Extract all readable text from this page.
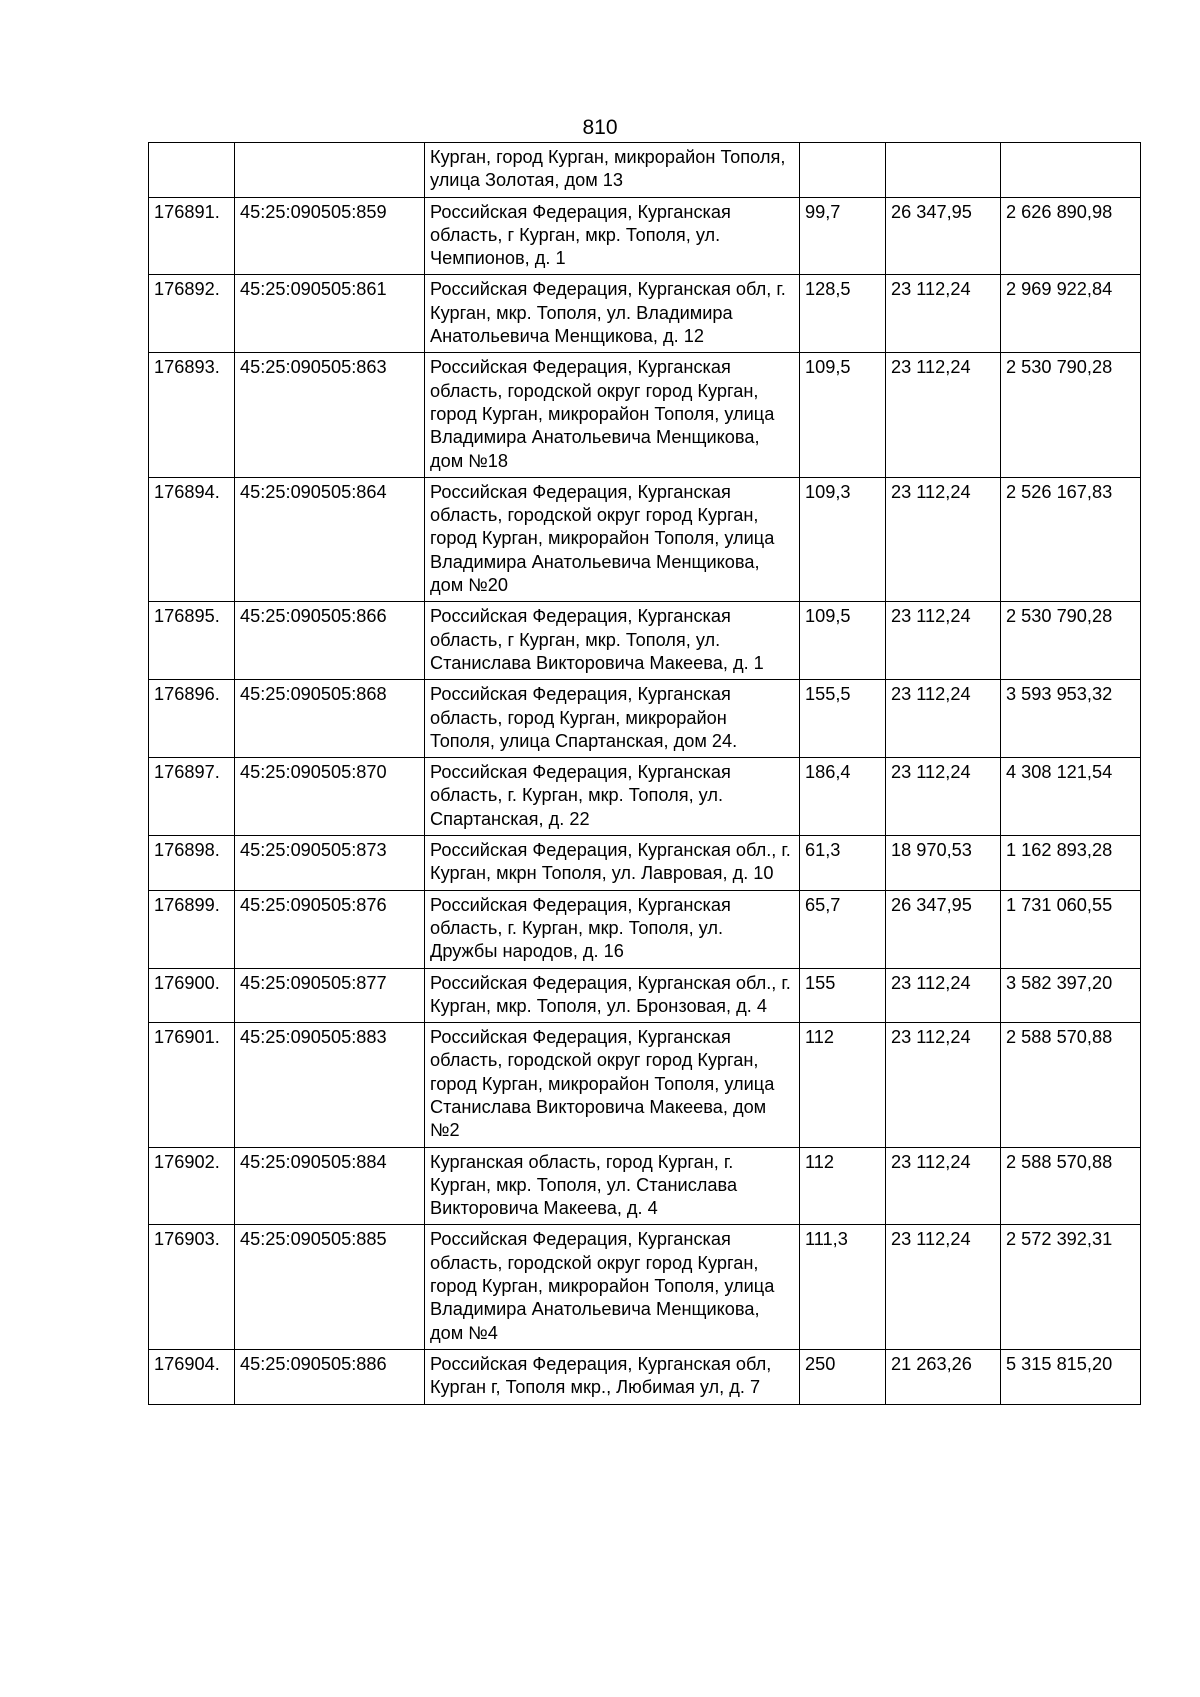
810
		Курган, город Курган, микрорайон Тополя, улица Золотая, дом 13			
176891.	45:25:090505:859	Российская Федерация, Курганская область, г Курган, мкр. Тополя, ул. Чемпионов, д. 1	99,7	26 347,95	2 626 890,98
176892.	45:25:090505:861	Российская Федерация, Курганская обл, г. Курган, мкр. Тополя, ул. Владимира Анатольевича Менщикова, д. 12	128,5	23 112,24	2 969 922,84
176893.	45:25:090505:863	Российская Федерация, Курганская область, городской округ город Курган, город Курган, микрорайон Тополя, улица Владимира Анатольевича Менщикова, дом №18	109,5	23 112,24	2 530 790,28
176894.	45:25:090505:864	Российская Федерация, Курганская область, городской округ город Курган, город Курган, микрорайон Тополя, улица Владимира Анатольевича Менщикова, дом №20	109,3	23 112,24	2 526 167,83
176895.	45:25:090505:866	Российская Федерация, Курганская область, г Курган, мкр. Тополя, ул. Станислава Викторовича Макеева, д. 1	109,5	23 112,24	2 530 790,28
176896.	45:25:090505:868	Российская Федерация, Курганская область, город Курган, микрорайон Тополя, улица Спартанская, дом 24.	155,5	23 112,24	3 593 953,32
176897.	45:25:090505:870	Российская Федерация, Курганская область, г. Курган, мкр. Тополя, ул. Спартанская, д. 22	186,4	23 112,24	4 308 121,54
176898.	45:25:090505:873	Российская Федерация, Курганская обл., г. Курган, мкрн Тополя, ул. Лавровая, д. 10	61,3	18 970,53	1 162 893,28
176899.	45:25:090505:876	Российская Федерация, Курганская область, г. Курган, мкр. Тополя, ул. Дружбы народов, д. 16	65,7	26 347,95	1 731 060,55
176900.	45:25:090505:877	Российская Федерация, Курганская обл., г. Курган, мкр. Тополя, ул. Бронзовая, д. 4	155	23 112,24	3 582 397,20
176901.	45:25:090505:883	Российская Федерация, Курганская область, городской округ город Курган, город Курган, микрорайон Тополя, улица Станислава Викторовича Макеева, дом №2	112	23 112,24	2 588 570,88
176902.	45:25:090505:884	Курганская область, город Курган, г. Курган, мкр. Тополя, ул. Станислава Викторовича Макеева, д. 4	112	23 112,24	2 588 570,88
176903.	45:25:090505:885	Российская Федерация, Курганская область, городской округ город Курган, город Курган, микрорайон Тополя, улица Владимира Анатольевича Менщикова, дом №4	111,3	23 112,24	2 572 392,31
176904.	45:25:090505:886	Российская Федерация, Курганская обл, Курган г, Тополя мкр., Любимая ул, д. 7	250	21 263,26	5 315 815,20
